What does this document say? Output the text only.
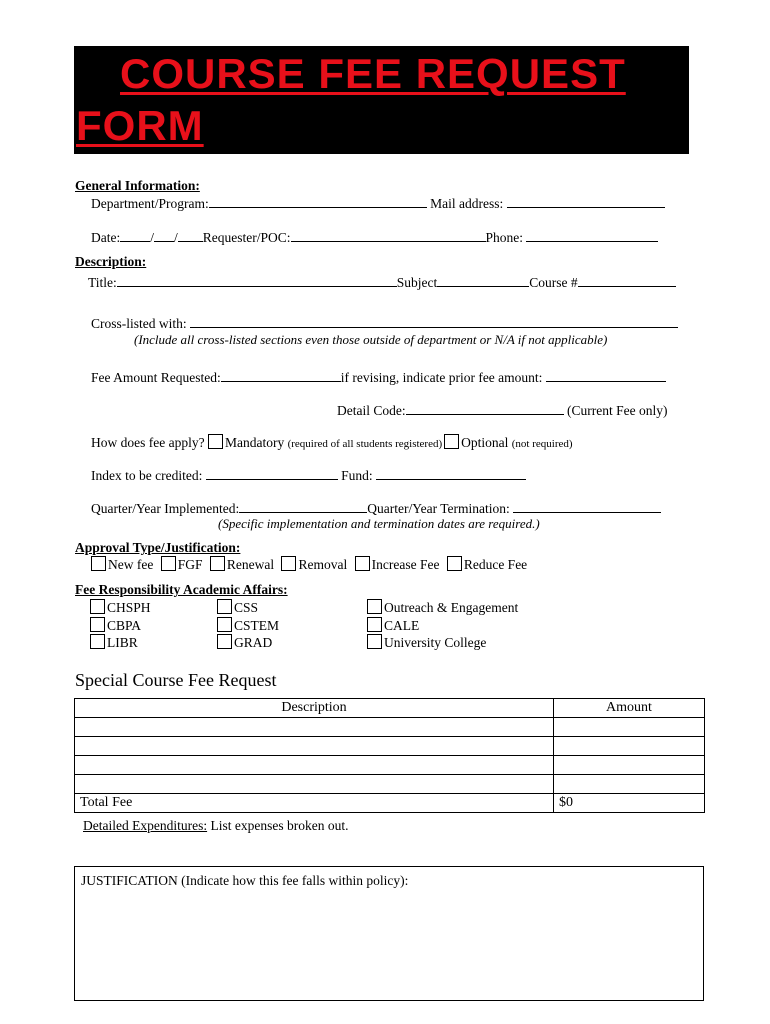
COURSE FEE REQUEST
FORM
General Information:
Department/Program:	Mail address:
Date: / / Requester/POC:	Phone:
Description:
Title:	Subject	Course #
Cross-listed with:
(Include all cross-listed sections even those outside of department or N/A if not applicable)
Fee Amount Requested:	if revising, indicate prior fee amount:
Detail Code:	(Current Fee only)
How does fee apply? Mandatory (required of all students registered) Optional (not required)
Index to be credited:	Fund:
Quarter/Year Implemented:	Quarter/Year Termination:
(Specific implementation and termination dates are required.)
Approval Type/Justification:
New fee FGF Renewal Removal Increase Fee Reduce Fee
Fee Responsibility Academic Affairs:
CHSPH
CBPA
LIBR
CSS
CSTEM
GRAD
Outreach & Engagement
CALE
University College
Special Course Fee Request
Description	Amount

Total Fee	$0
Detailed Expenditures: List expenses broken out.
JUSTIFICATION (Indicate how this fee falls within policy):
